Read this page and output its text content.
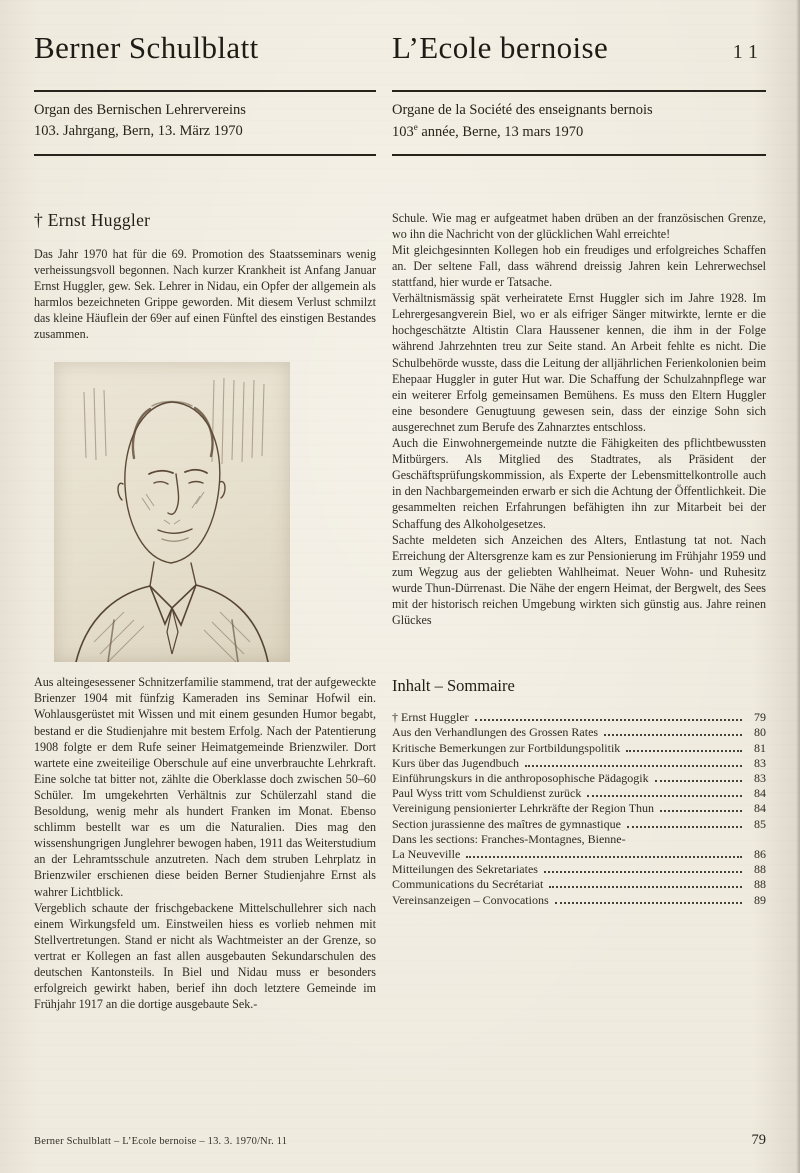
Berner Schulblatt	L’Ecole bernoise	11
Organ des Bernischen Lehrervereins
103. Jahrgang, Bern, 13. März 1970
Organe de la Société des enseignants bernois
103e année, Berne, 13 mars 1970
† Ernst Huggler

Das Jahr 1970 hat für die 69. Promotion des Staatsseminars wenig verheissungsvoll begonnen. Nach kurzer Krankheit ist Anfang Januar Ernst Huggler, gew. Sek. Lehrer in Nidau, ein Opfer der allgemein als harmlos bezeichneten Grippe geworden. Mit diesem Verlust schmilzt das kleine Häuflein der 69er auf einen Fünftel des einstigen Bestandes zusammen.

Aus alteingesessener Schnitzerfamilie stammend, trat der aufgeweckte Brienzer 1904 mit fünfzig Kameraden ins Seminar Hofwil ein. Wohlausgerüstet mit Wissen und mit einem gesunden Humor begabt, bestand er die Studienjahre mit bestem Erfolg. Nach der Patentierung 1908 folgte er dem Rufe seiner Heimatgemeinde Brienzwiler. Dort wartete eine zweiteilige Oberschule auf eine unverbrauchte Lehrkraft. Eine solche tat bitter not, zählte die Oberklasse doch zwischen 50–60 Schüler. Im umgekehrten Verhältnis zur Schülerzahl stand die Besoldung, wenig mehr als hundert Franken im Monat. Ebenso schlimm bestellt war es um die Naturalien. Dies mag den wissenshungrigen Junglehrer bewogen haben, 1911 das Weiterstudium an der Lehramtsschule anzutreten. Nach dem struben Lehrplatz in Brienzwiler erschienen diese beiden Berner Studienjahre Ernst als wahrer Lichtblick.

Vergeblich schaute der frischgebackene Mittelschullehrer sich nach einem Wirkungsfeld um. Einstweilen hiess es vorlieb nehmen mit Stellvertretungen. Stand er nicht als Wachtmeister an der Grenze, so vertrat er Kollegen an fast allen ausgebauten Sekundarschulen des deutschen Kantonsteils. In Biel und Nidau muss er besonders erfolgreich gewirkt haben, berief ihn doch letztere Gemeinde im Frühjahr 1917 an die dortige ausgebaute Sek.-

Schule. Wie mag er aufgeatmet haben drüben an der französischen Grenze, wo ihn die Nachricht von der glücklichen Wahl erreichte!

Mit gleichgesinnten Kollegen hob ein freudiges und erfolgreiches Schaffen an. Der seltene Fall, dass während dreissig Jahren kein Lehrerwechsel stattfand, hier wurde er Tatsache.

Verhältnismässig spät verheiratete Ernst Huggler sich im Jahre 1928. Im Lehrergesangverein Biel, wo er als eifriger Sänger mitwirkte, lernte er die hochgeschätzte Altistin Clara Haussener kennen, die ihm in der Folge während Jahrzehnten treu zur Seite stand. An Arbeit fehlte es nicht. Die Schulbehörde wusste, dass die Leitung der alljährlichen Ferienkolonien beim Ehepaar Huggler in guter Hut war. Die Schaffung der Schulzahnpflege war ein weiterer Erfolg gemeinsamen Bemühens. Es muss den Eltern Huggler eine besondere Genugtuung gewesen sein, dass der einzige Sohn sich ausgerechnet zum Berufe des Zahnarztes entschloss.

Auch die Einwohnergemeinde nutzte die Fähigkeiten des pflichtbewussten Mitbürgers. Als Mitglied des Stadtrates, als Präsident der Geschäftsprüfungskommission, als Experte der Lebensmittelkontrolle auch in den Nachbargemeinden erwarb er sich die Achtung der Öffentlichkeit. Die gesammelten reichen Erfahrungen befähigten ihn zur Mitarbeit bei der Schaffung des Alkoholgesetzes.

Sachte meldeten sich Anzeichen des Alters, Entlastung tat not. Nach Erreichung der Altersgrenze kam es zur Pensionierung im Frühjahr 1959 und zum Wegzug aus der geliebten Wahlheimat. Neuer Wohn- und Ruhesitz wurde Thun-Dürrenast. Die Nähe der engern Heimat, der Bergwelt, des Sees mit der historisch reichen Umgebung wirkten sich günstig aus. Jahre reinen Glückes

Inhalt – Sommaire
† Ernst Huggler	79
Aus den Verhandlungen des Grossen Rates	80
Kritische Bemerkungen zur Fortbildungspolitik	81
Kurs über das Jugendbuch	83
Einführungskurs in die anthroposophische Pädagogik	83
Paul Wyss tritt vom Schuldienst zurück	84
Vereinigung pensionierter Lehrkräfte der Region Thun	84
Section jurassienne des maîtres de gymnastique	85
Dans les sections: Franches-Montagnes, Bienne-
La Neuveville	86
Mitteilungen des Sekretariates	88
Communications du Secrétariat	88
Vereinsanzeigen – Convocations	89
Berner Schulblatt – L’Ecole bernoise – 13. 3. 1970/Nr. 11	79
